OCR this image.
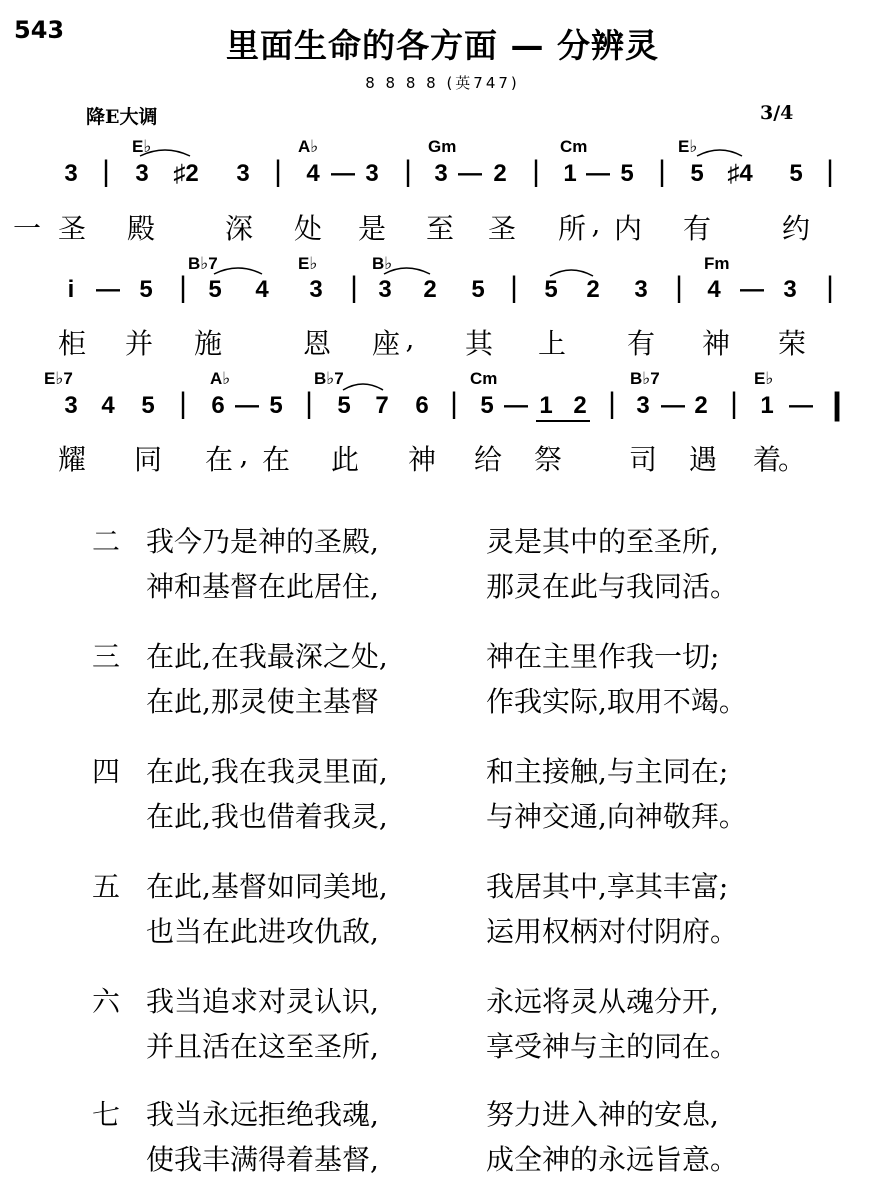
543	里面生命的各方面 — 分辨灵
8 8 8 8 (英747)
降E大调	3/4
E♭	A♭	Gm	Cm	E♭
3 | 3 ♯2 3 | 4 — 3 | 3 — 2 | 1 — 5 | 5 ♯4 5 |
一 圣 殿 深 处 是 至 圣 所 , 内 有	约
B♭7	E♭	B♭	Fm
i — 5 | 5 4 3 | 3 2 5 | 5 2 3 | 4 — 3 |
柜 并 施	恩 座 , 其 上 有 神 荣
E♭7	A♭	B♭7	Cm	B♭7	E♭
3 4 5 | 6 — 5 | 5 7 6 | 5 — 1 2 | 3 — 2 | 1 — ||
耀 同 在 , 在 此 神 给 祭 司 遇 着
。
二 我今乃是神的圣殿,	灵是其中的至圣所,
神和基督在此居住,	那灵在此与我同活。
三 在此,在我最深之处,	神在主里作我一切;
在此,那灵使主基督	作我实际,取用不竭。
四 在此,我在我灵里面,	和主接触,与主同在;
在此,我也借着我灵,	与神交通,向神敬拜。
五 在此,基督如同美地,	我居其中,享其丰富;
也当在此进攻仇敌,	运用权柄对付阴府。
六 我当追求对灵认识,	永远将灵从魂分开,
并且活在这至圣所,	享受神与主的同在。
七 我当永远拒绝我魂,	努力进入神的安息,
使我丰满得着基督,	成全神的永远旨意。
